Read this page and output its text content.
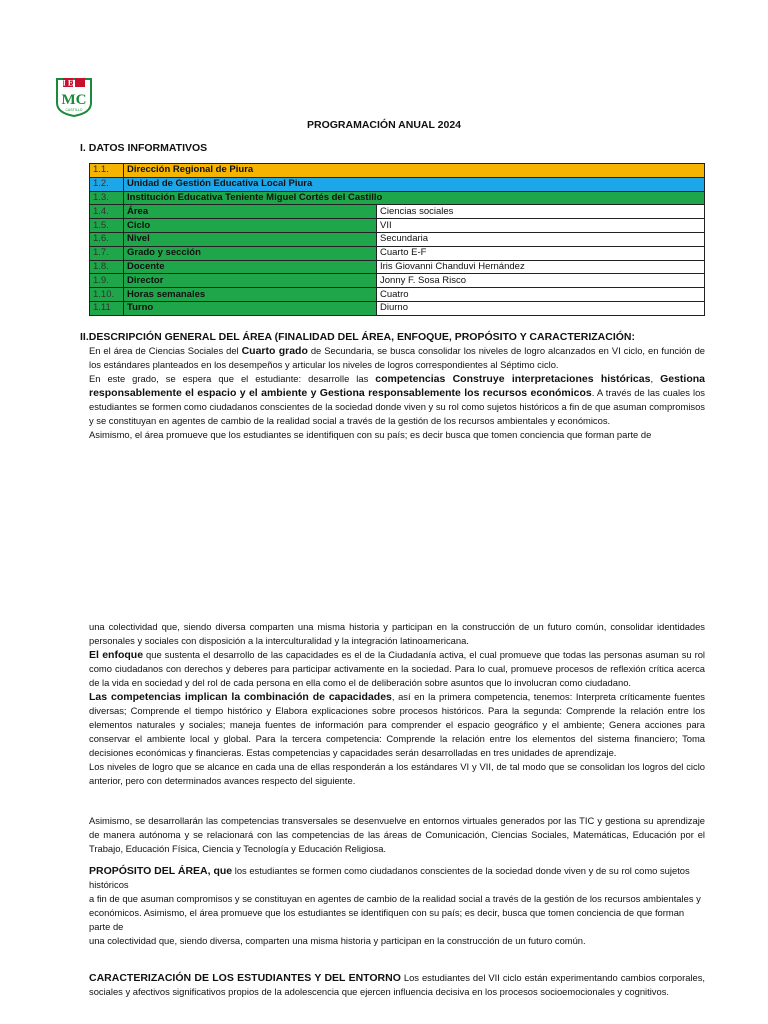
I E
MC
CASTILLO
PROGRAMACIÓN ANUAL 2024
I. DATOS INFORMATIVOS
1.1.	Dirección Regional de Piura	
1.2.	Unidad de Gestión Educativa Local Piura	
1.3.	Institución Educativa Teniente Miguel Cortés del Castillo	
1.4.	Área	Ciencias sociales
1.5.	Ciclo	VII
1.6.	Nivel	Secundaria
1.7.	Grado y sección	Cuarto E-F
1.8.	Docente	Iris Giovanni Chanduvi Hernández
1.9.	Director	Jonny F. Sosa Risco
1.10.	Horas semanales	Cuatro
1.11	Turno	Diurno
II.DESCRIPCIÓN GENERAL DEL ÁREA (FINALIDAD DEL ÁREA, ENFOQUE, PROPÓSITO Y CARACTERIZACIÓN:
En el área de Ciencias Sociales del Cuarto grado de Secundaria, se busca consolidar los niveles de logro alcanzados en VI ciclo, en función de los estándares planteados en los desempeños y articular los niveles de logros correspondientes al Séptimo ciclo.
En este grado, se espera que el estudiante: desarrolle las competencias Construye interpretaciones históricas, Gestiona responsablemente el espacio y el ambiente y Gestiona responsablemente los recursos económicos. A través de las cuales los estudiantes se formen como ciudadanos conscientes de la sociedad donde viven y su rol como sujetos históricos a fin de que asuman compromisos y se constituyan en agentes de cambio de la realidad social a través de la gestión de los recursos ambientales y económicos.
Asimismo, el área promueve que los estudiantes se identifiquen con su país; es decir busca que tomen conciencia que forman parte de
una colectividad que, siendo diversa comparten una misma historia y participan en la construcción de un futuro común, consolidar identidades personales y sociales con disposición a la interculturalidad y la integración latinoamericana.
El enfoque que sustenta el desarrollo de las capacidades es el de la Ciudadanía activa, el cual promueve que todas las personas asuman su rol como ciudadanos con derechos y deberes para participar activamente en la sociedad. Para lo cual, promueve procesos de reflexión crítica acerca de la vida en sociedad y del rol de cada persona en ella como el de deliberación sobre asuntos que lo involucran como ciudadano.
Las competencias implican la combinación de capacidades, así en la primera competencia, tenemos: Interpreta críticamente fuentes diversas; Comprende el tiempo histórico y Elabora explicaciones sobre procesos históricos. Para la segunda: Comprende la relación entre los elementos naturales y sociales; maneja fuentes de información para comprender el espacio geográfico y el ambiente; Genera acciones para conservar el ambiente local y global. Para la tercera competencia: Comprende la relación entre los elementos del sistema financiero; Toma decisiones económicas y financieras. Estas competencias y capacidades serán desarrolladas en tres unidades de aprendizaje.
Los niveles de logro que se alcance en cada una de ellas responderán a los estándares VI y VII, de tal modo que se consolidan los logros del ciclo anterior, pero con determinados avances respecto del siguiente.
Asimismo, se desarrollarán las competencias transversales se desenvuelve en entornos virtuales generados por las TIC y gestiona su aprendizaje de manera autónoma y se relacionará con las competencias de las áreas de Comunicación, Ciencias Sociales, Matemáticas, Educación por el Trabajo, Educación Física, Ciencia y Tecnología y Educación Religiosa.
PROPÓSITO DEL ÁREA, que los estudiantes se formen como ciudadanos conscientes de la sociedad donde viven y de su rol como sujetos históricos
a fin de que asuman compromisos y se constituyan en agentes de cambio de la realidad social a través de la gestión de los recursos ambientales y
económicos. Asimismo, el área promueve que los estudiantes se identifiquen con su país; es decir, busca que tomen conciencia de que forman parte de
una colectividad que, siendo diversa, comparten una misma historia y participan en la construcción de un futuro común.
CARACTERIZACIÓN DE LOS ESTUDIANTES Y DEL ENTORNO Los estudiantes del VII ciclo están experimentando cambios corporales, sociales y afectivos significativos propios de la adolescencia que ejercen influencia decisiva en los procesos socioemocionales y cognitivos.
